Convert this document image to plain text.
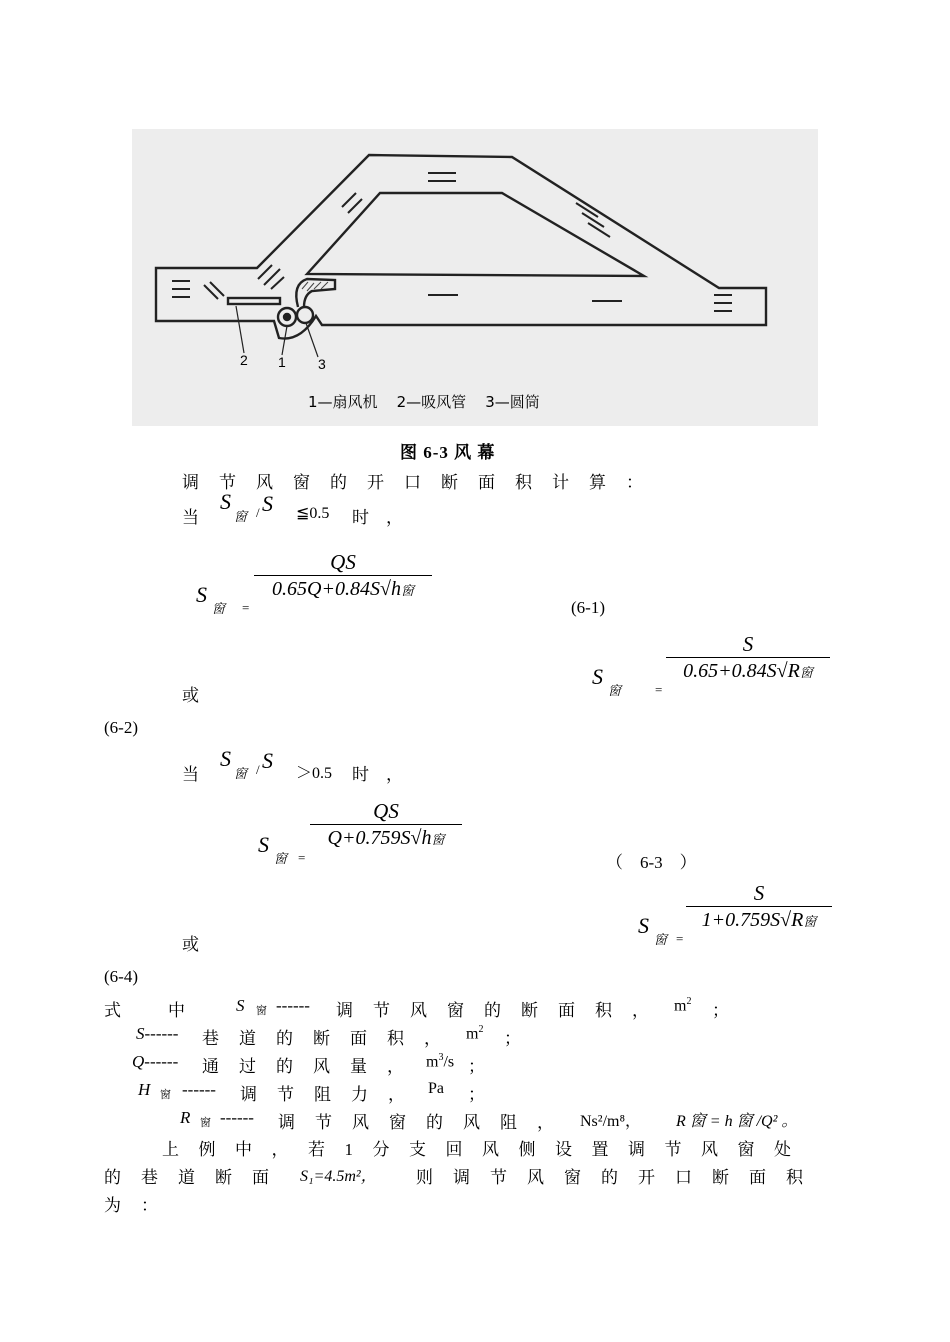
2 1 3
1—扇风机    2—吸风管    3—圆筒
图 6-3 风 幕
调节风窗的开口断面积计算：
当
S
窗 / S ≦0.5 时　，
S
窗 =
QS
0.65Q+0.84S√h窗
(6-1)
或
S
窗	=
S
0.65+0.84S√R窗
(6-2)
当
S
窗 / S
＞0.5 时　，
S
窗 =
QS
Q+0.759S√h窗
（　6-3　）
或
S
窗 =
S
1+0.759S√R窗
(6-4)
式　中 S 窗 ------ 调节风窗的断面积， $m^2$ ；
S------ 巷道的断面积， $m^2$ ；
Q------ 通过的风量， $m^3/s$ ；
H 窗 ------ 调节阻力， Pa ；
R 窗 ------ 调节风窗的风阻， Ns²/m⁸， R 窗 = h 窗 /Q² 。
上例中，若1分支回风侧设置调节风窗处
的巷道断面 S₁=4.5m²， 则调节风窗的开口断面积
为：
